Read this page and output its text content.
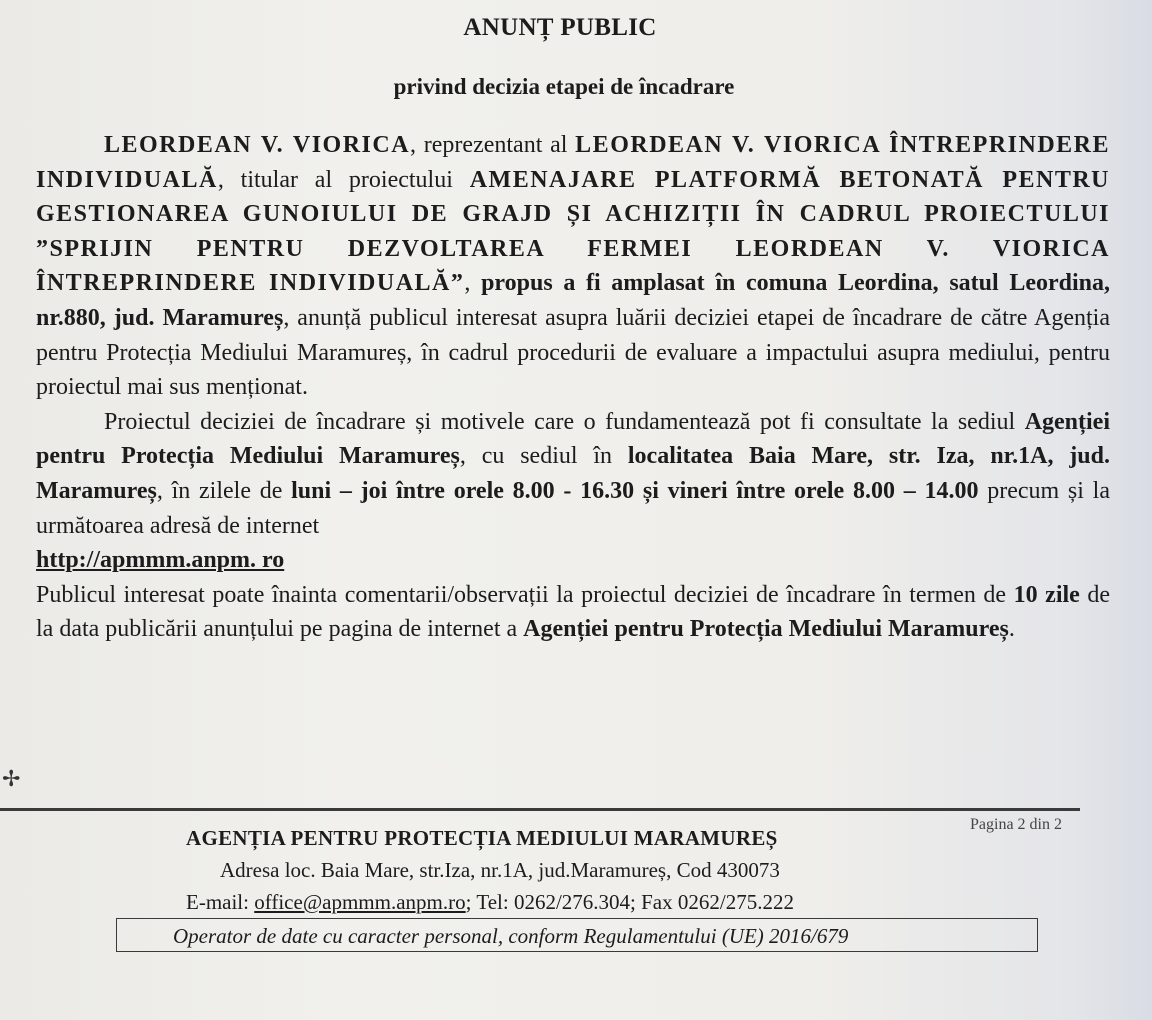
ANUNȚ PUBLIC
privind decizia etapei de încadrare

LEORDEAN V. VIORICA, reprezentant al LEORDEAN V. VIORICA ÎNTREPRINDERE INDIVIDUALĂ, titular al proiectului AMENAJARE PLATFORMĂ BETONATĂ PENTRU GESTIONAREA GUNOIULUI DE GRAJD ȘI ACHIZIȚII ÎN CADRUL PROIECTULUI ”SPRIJIN PENTRU DEZVOLTAREA FERMEI LEORDEAN V. VIORICA ÎNTREPRINDERE INDIVIDUALĂ”, propus a fi amplasat în comuna Leordina, satul Leordina, nr.880, jud. Maramureș, anunță publicul interesat asupra luării deciziei etapei de încadrare de către Agenția pentru Protecția Mediului Maramureș, în cadrul procedurii de evaluare a impactului asupra mediului, pentru proiectul mai sus menționat.

Proiectul deciziei de încadrare și motivele care o fundamentează pot fi consultate la sediul Agenției pentru Protecția Mediului Maramureș, cu sediul în localitatea Baia Mare, str. Iza, nr.1A, jud. Maramureș, în zilele de luni – joi între orele 8.00 - 16.30 și vineri între orele 8.00 – 14.00 precum și la următoarea adresă de internet
http://apmmm.anpm. ro

Publicul interesat poate înainta comentarii/observații la proiectul deciziei de încadrare în termen de 10 zile de la data publicării anunțului pe pagina de internet a Agenției pentru Protecția Mediului Maramureș.

✢
Pagina 2 din 2
AGENȚIA PENTRU PROTECȚIA MEDIULUI MARAMUREȘ
Adresa loc. Baia Mare, str.Iza, nr.1A, jud.Maramureș, Cod 430073
E-mail: office@apmmm.anpm.ro; Tel: 0262/276.304; Fax 0262/275.222
Operator de date cu caracter personal, conform Regulamentului (UE) 2016/679
